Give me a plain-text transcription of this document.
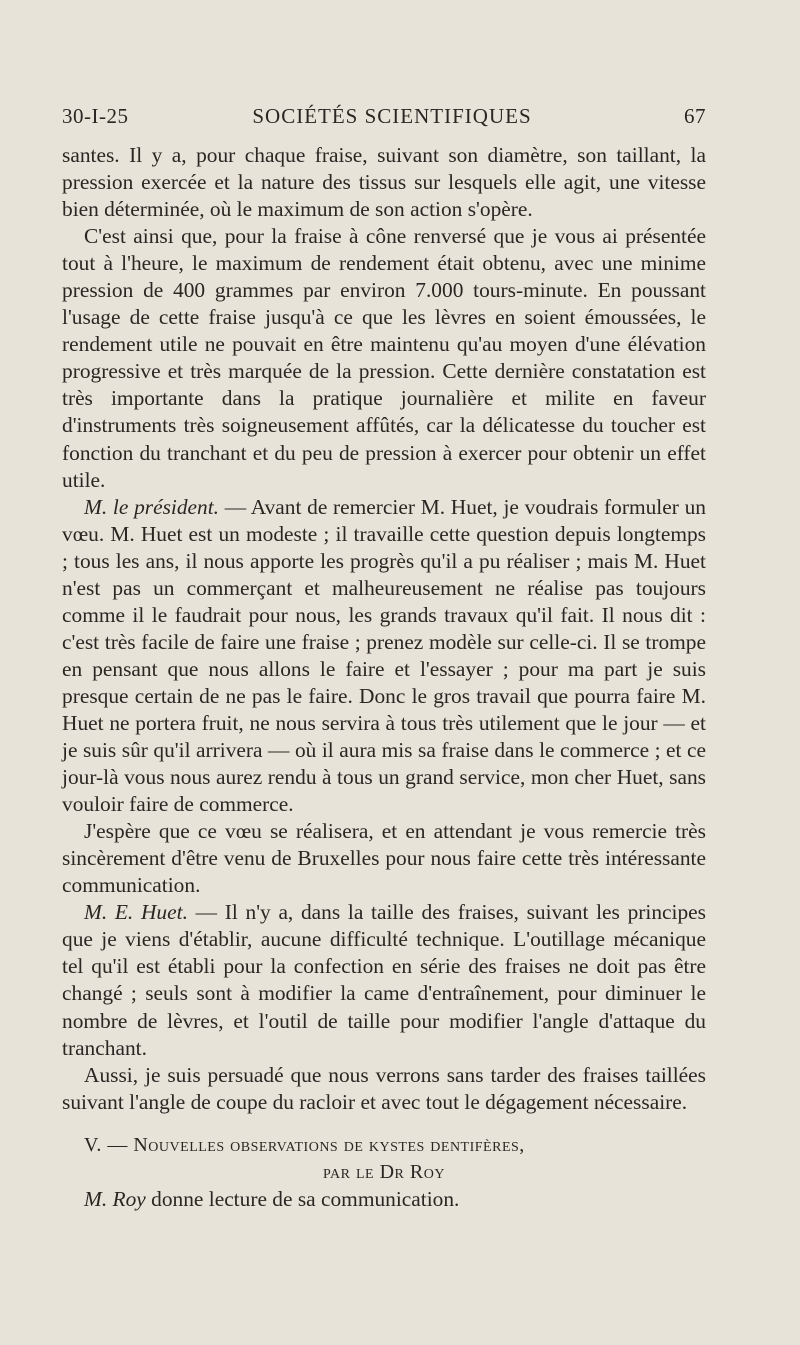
30-I-25	SOCIÉTÉS SCIENTIFIQUES	67

santes. Il y a, pour chaque fraise, suivant son diamètre, son taillant, la pression exercée et la nature des tissus sur lesquels elle agit, une vitesse bien déterminée, où le maximum de son action s'opère.

C'est ainsi que, pour la fraise à cône renversé que je vous ai présentée tout à l'heure, le maximum de rendement était obtenu, avec une minime pression de 400 grammes par environ 7.000 tours-minute. En poussant l'usage de cette fraise jusqu'à ce que les lèvres en soient émoussées, le rendement utile ne pouvait en être maintenu qu'au moyen d'une élévation progressive et très marquée de la pression. Cette dernière constatation est très importante dans la pratique journalière et milite en faveur d'instruments très soigneusement affûtés, car la délicatesse du toucher est fonction du tranchant et du peu de pression à exercer pour obtenir un effet utile.

M. le président. — Avant de remercier M. Huet, je voudrais formuler un vœu. M. Huet est un modeste ; il travaille cette question depuis longtemps ; tous les ans, il nous apporte les progrès qu'il a pu réaliser ; mais M. Huet n'est pas un commerçant et malheureusement ne réalise pas toujours comme il le faudrait pour nous, les grands travaux qu'il fait. Il nous dit : c'est très facile de faire une fraise ; prenez modèle sur celle-ci. Il se trompe en pensant que nous allons le faire et l'essayer ; pour ma part je suis presque certain de ne pas le faire. Donc le gros travail que pourra faire M. Huet ne portera fruit, ne nous servira à tous très utilement que le jour — et je suis sûr qu'il arrivera — où il aura mis sa fraise dans le commerce ; et ce jour-là vous nous aurez rendu à tous un grand service, mon cher Huet, sans vouloir faire de commerce.

J'espère que ce vœu se réalisera, et en attendant je vous remercie très sincèrement d'être venu de Bruxelles pour nous faire cette très intéressante communication.

M. E. Huet. — Il n'y a, dans la taille des fraises, suivant les principes que je viens d'établir, aucune difficulté technique. L'outillage mécanique tel qu'il est établi pour la confection en série des fraises ne doit pas être changé ; seuls sont à modifier la came d'entraînement, pour diminuer le nombre de lèvres, et l'outil de taille pour modifier l'angle d'attaque du tranchant.

Aussi, je suis persuadé que nous verrons sans tarder des fraises taillées suivant l'angle de coupe du racloir et avec tout le dégagement nécessaire.

V. — Nouvelles observations de kystes dentifères,
par le Dr Roy

M. Roy donne lecture de sa communication.
